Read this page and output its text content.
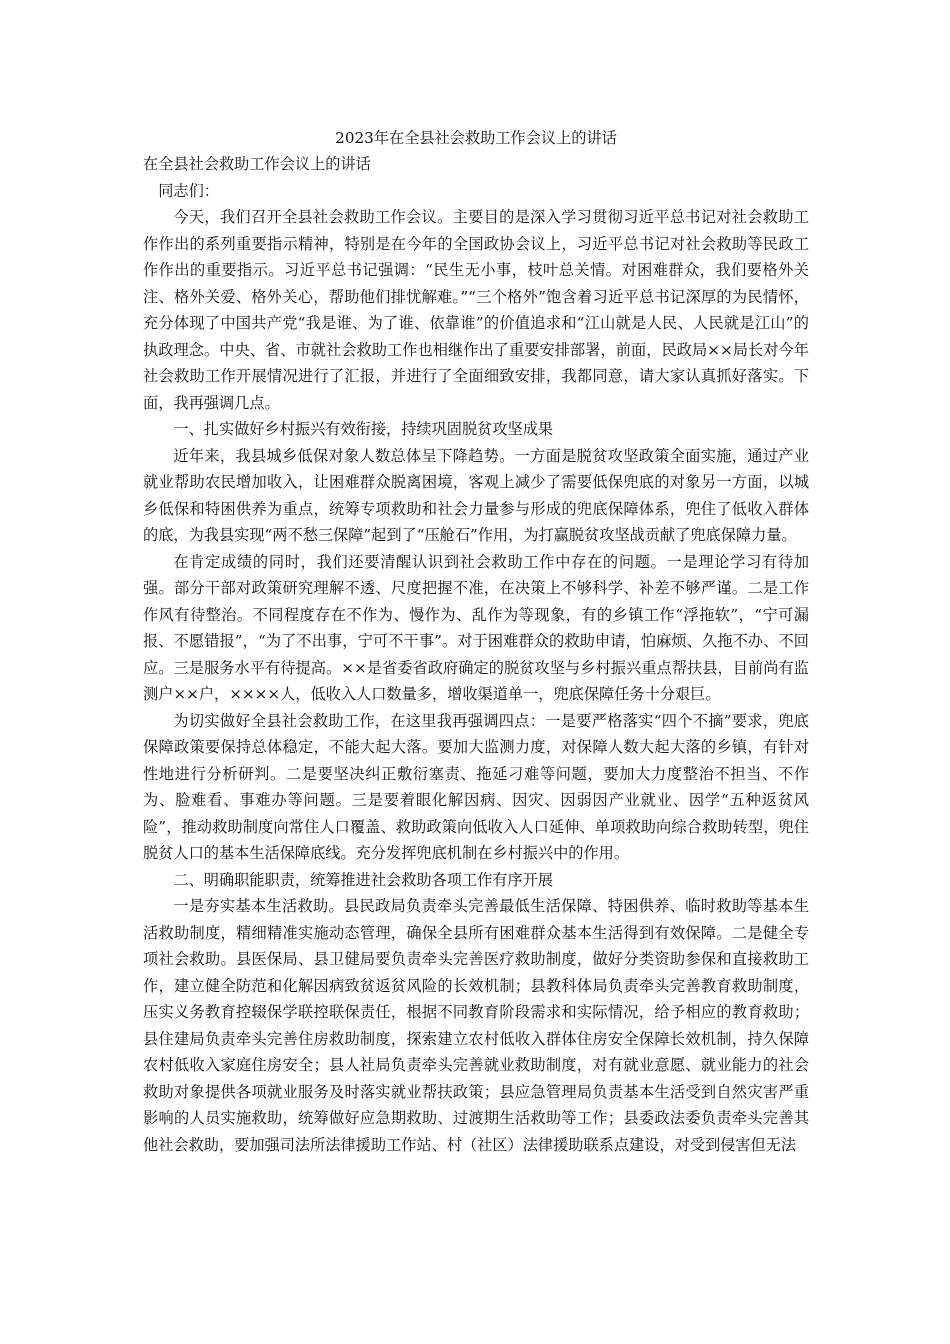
2023年在全县社会救助工作会议上的讲话
在全县社会救助工作会议上的讲话

同志们：

今天，我们召开全县社会救助工作会议。主要目的是深入学习贯彻习近平总书记对社会救助工作作出的系列重要指示精神，特别是在今年的全国政协会议上，习近平总书记对社会救助等民政工作作出的重要指示。习近平总书记强调：“民生无小事，枝叶总关情。对困难群众，我们要格外关注、格外关爱、格外关心，帮助他们排忧解难。”“三个格外”饱含着习近平总书记深厚的为民情怀，充分体现了中国共产党“我是谁、为了谁、依靠谁”的价值追求和“江山就是人民、人民就是江山”的执政理念。中央、省、市就社会救助工作也相继作出了重要安排部署，前面，民政局××局长对今年社会救助工作开展情况进行了汇报，并进行了全面细致安排，我都同意，请大家认真抓好落实。下面，我再强调几点。

一、扎实做好乡村振兴有效衔接，持续巩固脱贫攻坚成果

近年来，我县城乡低保对象人数总体呈下降趋势。一方面是脱贫攻坚政策全面实施，通过产业就业帮助农民增加收入，让困难群众脱离困境，客观上减少了需要低保兜底的对象另一方面，以城乡低保和特困供养为重点，统筹专项救助和社会力量参与形成的兜底保障体系，兜住了低收入群体的底，为我县实现“两不愁三保障”起到了“压舱石”作用，为打赢脱贫攻坚战贡献了兜底保障力量。

在肯定成绩的同时，我们还要清醒认识到社会救助工作中存在的问题。一是理论学习有待加强。部分干部对政策研究理解不透、尺度把握不准，在决策上不够科学、补差不够严谨。二是工作作风有待整治。不同程度存在不作为、慢作为、乱作为等现象，有的乡镇工作“浮拖软”，“宁可漏报、不愿错报”，“为了不出事，宁可不干事”。对于困难群众的救助申请，怕麻烦、久拖不办、不回应。三是服务水平有待提高。××是省委省政府确定的脱贫攻坚与乡村振兴重点帮扶县，目前尚有监测户××户，××××人，低收入人口数量多，增收渠道单一，兜底保障任务十分艰巨。

为切实做好全县社会救助工作，在这里我再强调四点：一是要严格落实“四个不摘”要求，兜底保障政策要保持总体稳定，不能大起大落。要加大监测力度，对保障人数大起大落的乡镇，有针对性地进行分析研判。二是要坚决纠正敷衍塞责、拖延刁难等问题，要加大力度整治不担当、不作为、脸难看、事难办等问题。三是要着眼化解因病、因灾、因弱因产业就业、因学“五种返贫风险”，推动救助制度向常住人口覆盖、救助政策向低收入人口延伸、单项救助向综合救助转型，兜住脱贫人口的基本生活保障底线。充分发挥兜底机制在乡村振兴中的作用。

二、明确职能职责，统筹推进社会救助各项工作有序开展

一是夯实基本生活救助。县民政局负责牵头完善最低生活保障、特困供养、临时救助等基本生活救助制度，精细精准实施动态管理，确保全县所有困难群众基本生活得到有效保障。二是健全专项社会救助。县医保局、县卫健局要负责牵头完善医疗救助制度，做好分类资助参保和直接救助工作，建立健全防范和化解因病致贫返贫风险的长效机制；县教科体局负责牵头完善教育救助制度，压实义务教育控辍保学联控联保责任，根据不同教育阶段需求和实际情况，给予相应的教育救助；县住建局负责牵头完善住房救助制度，探索建立农村低收入群体住房安全保障长效机制，持久保障农村低收入家庭住房安全；县人社局负责牵头完善就业救助制度，对有就业意愿、就业能力的社会救助对象提供各项就业服务及时落实就业帮扶政策；县应急管理局负责基本生活受到自然灾害严重影响的人员实施救助，统筹做好应急期救助、过渡期生活救助等工作；县委政法委负责牵头完善其他社会救助，要加强司法所法律援助工作站、村（社区）法律援助联系点建设，对受到侵害但无法
